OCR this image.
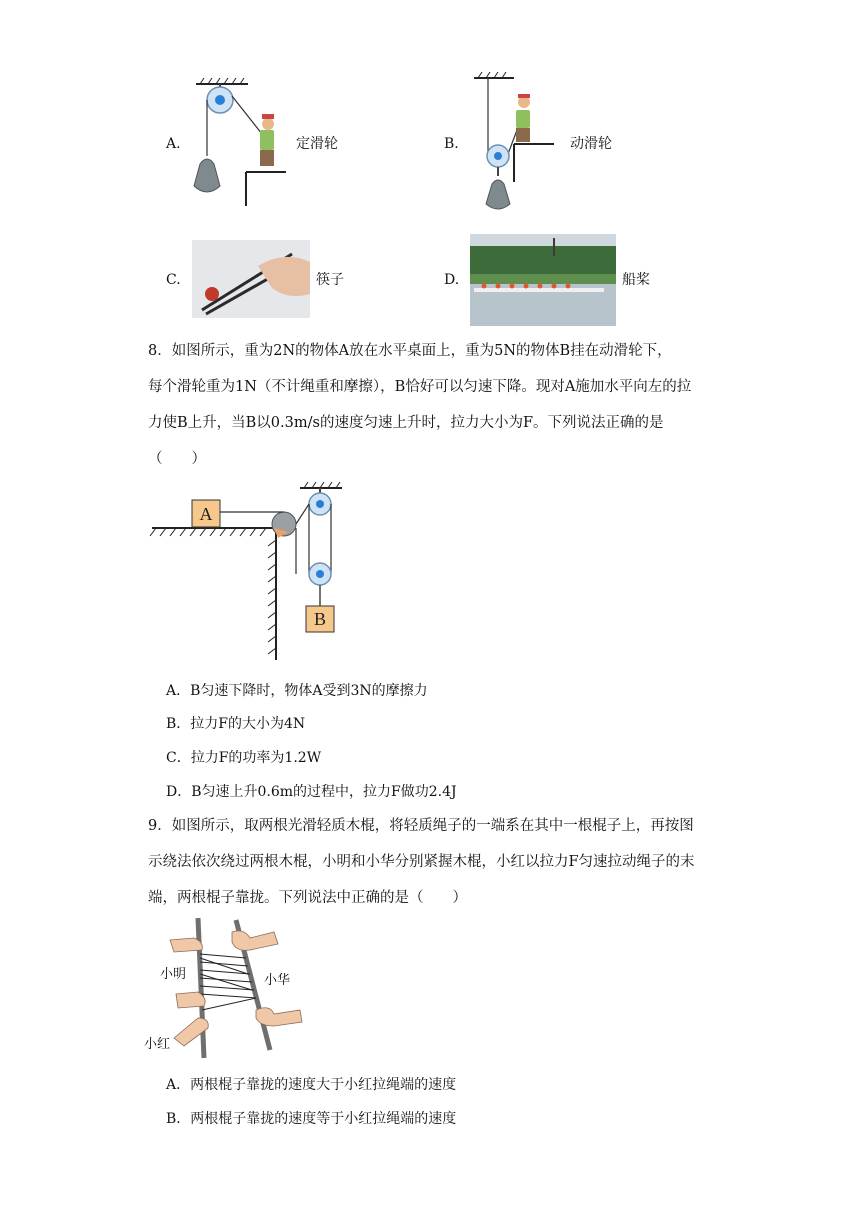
A.	定滑轮	B.	动滑轮
C.	筷子	D.	船桨
8．如图所示，重为2N的物体A放在水平桌面上，重为5N的物体B挂在动滑轮下，
每个滑轮重为1N（不计绳重和摩擦），B恰好可以匀速下降。现对A施加水平向左的拉
力使B上升，当B以0.3m/s的速度匀速上升时，拉力大小为F。下列说法正确的是
（　　）
A
B
A．B匀速下降时，物体A受到3N的摩擦力
B．拉力F的大小为4N
C．拉力F的功率为1.2W
D．B匀速上升0.6m的过程中，拉力F做功2.4J
9．如图所示，取两根光滑轻质木棍，将轻质绳子的一端系在其中一根棍子上，再按图
示绕法依次绕过两根木棍，小明和小华分别紧握木棍，小红以拉力F匀速拉动绳子的末
端，两根棍子靠拢。下列说法中正确的是（　　）
小明	小华
小红
A．两根棍子靠拢的速度大于小红拉绳端的速度
B．两根棍子靠拢的速度等于小红拉绳端的速度
